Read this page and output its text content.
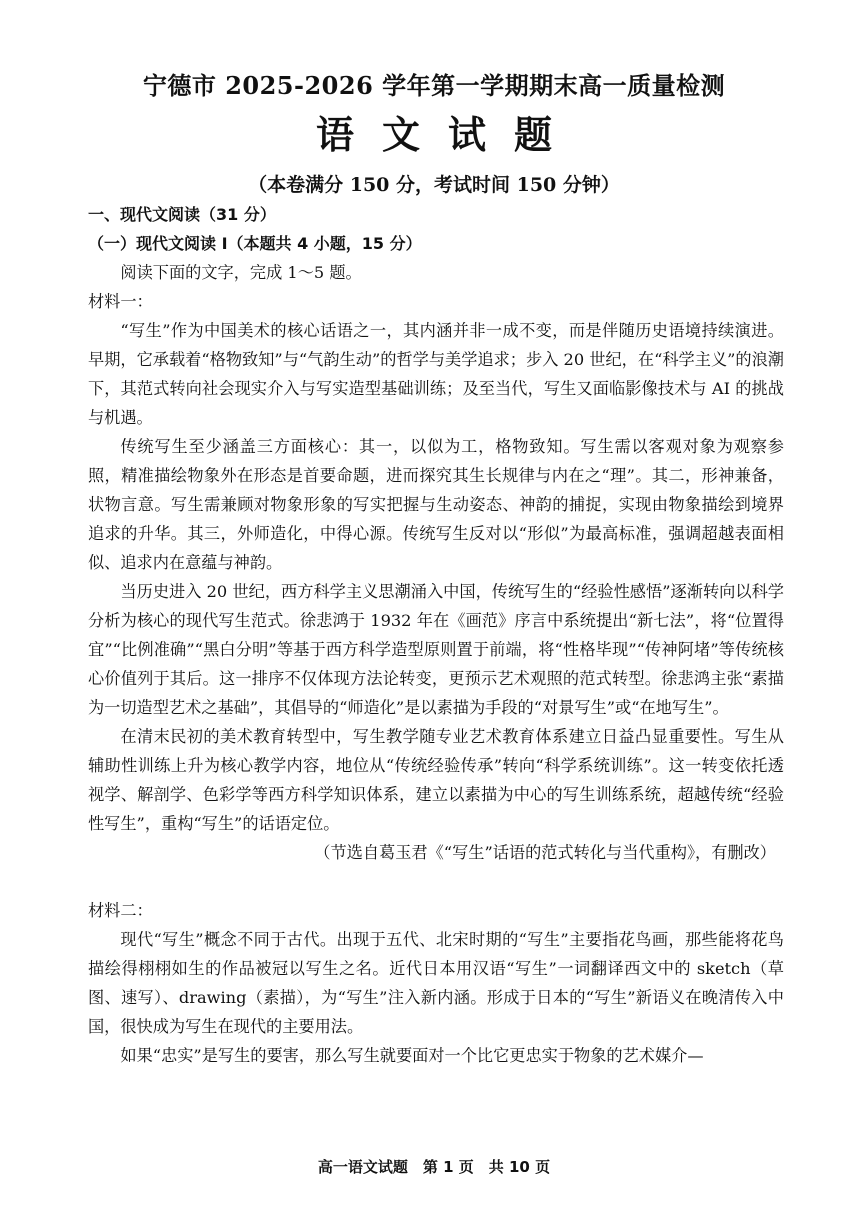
宁德市 2025-2026 学年第一学期期末高一质量检测
语文试题
（本卷满分 150 分，考试时间 150 分钟）

一、现代文阅读（31 分）

（一）现代文阅读 I（本题共 4 小题，15 分）

阅读下面的文字，完成 1～5 题。

材料一：

“写生”作为中国美术的核心话语之一，其内涵并非一成不变，而是伴随历史语境持续演进。早期，它承载着“格物致知”与“气韵生动”的哲学与美学追求；步入 20 世纪，在“科学主义”的浪潮下，其范式转向社会现实介入与写实造型基础训练；及至当代，写生又面临影像技术与 AI 的挑战与机遇。

传统写生至少涵盖三方面核心：其一，以似为工，格物致知。写生需以客观对象为观察参照，精准描绘物象外在形态是首要命题，进而探究其生长规律与内在之“理”。其二，形神兼备，状物言意。写生需兼顾对物象形象的写实把握与生动姿态、神韵的捕捉，实现由物象描绘到境界追求的升华。其三，外师造化，中得心源。传统写生反对以“形似”为最高标准，强调超越表面相似、追求内在意蕴与神韵。

当历史进入 20 世纪，西方科学主义思潮涌入中国，传统写生的“经验性感悟”逐渐转向以科学分析为核心的现代写生范式。徐悲鸿于 1932 年在《画范》序言中系统提出“新七法”，将“位置得宜”“比例准确”“黑白分明”等基于西方科学造型原则置于前端，将“性格毕现”“传神阿堵”等传统核心价值列于其后。这一排序不仅体现方法论转变，更预示艺术观照的范式转型。徐悲鸿主张“素描为一切造型艺术之基础”，其倡导的“师造化”是以素描为手段的“对景写生”或“在地写生”。

在清末民初的美术教育转型中，写生教学随专业艺术教育体系建立日益凸显重要性。写生从辅助性训练上升为核心教学内容，地位从“传统经验传承”转向“科学系统训练”。这一转变依托透视学、解剖学、色彩学等西方科学知识体系，建立以素描为中心的写生训练系统，超越传统“经验性写生”，重构“写生”的话语定位。

（节选自葛玉君《“写生”话语的范式转化与当代重构》，有删改）

材料二：

现代“写生”概念不同于古代。出现于五代、北宋时期的“写生”主要指花鸟画，那些能将花鸟描绘得栩栩如生的作品被冠以写生之名。近代日本用汉语“写生”一词翻译西文中的 sketch（草图、速写）、drawing（素描），为“写生”注入新内涵。形成于日本的“写生”新语义在晚清传入中国，很快成为写生在现代的主要用法。

如果“忠实”是写生的要害，那么写生就要面对一个比它更忠实于物象的艺术媒介—

高一语文试题　第 1 页　共 10 页
